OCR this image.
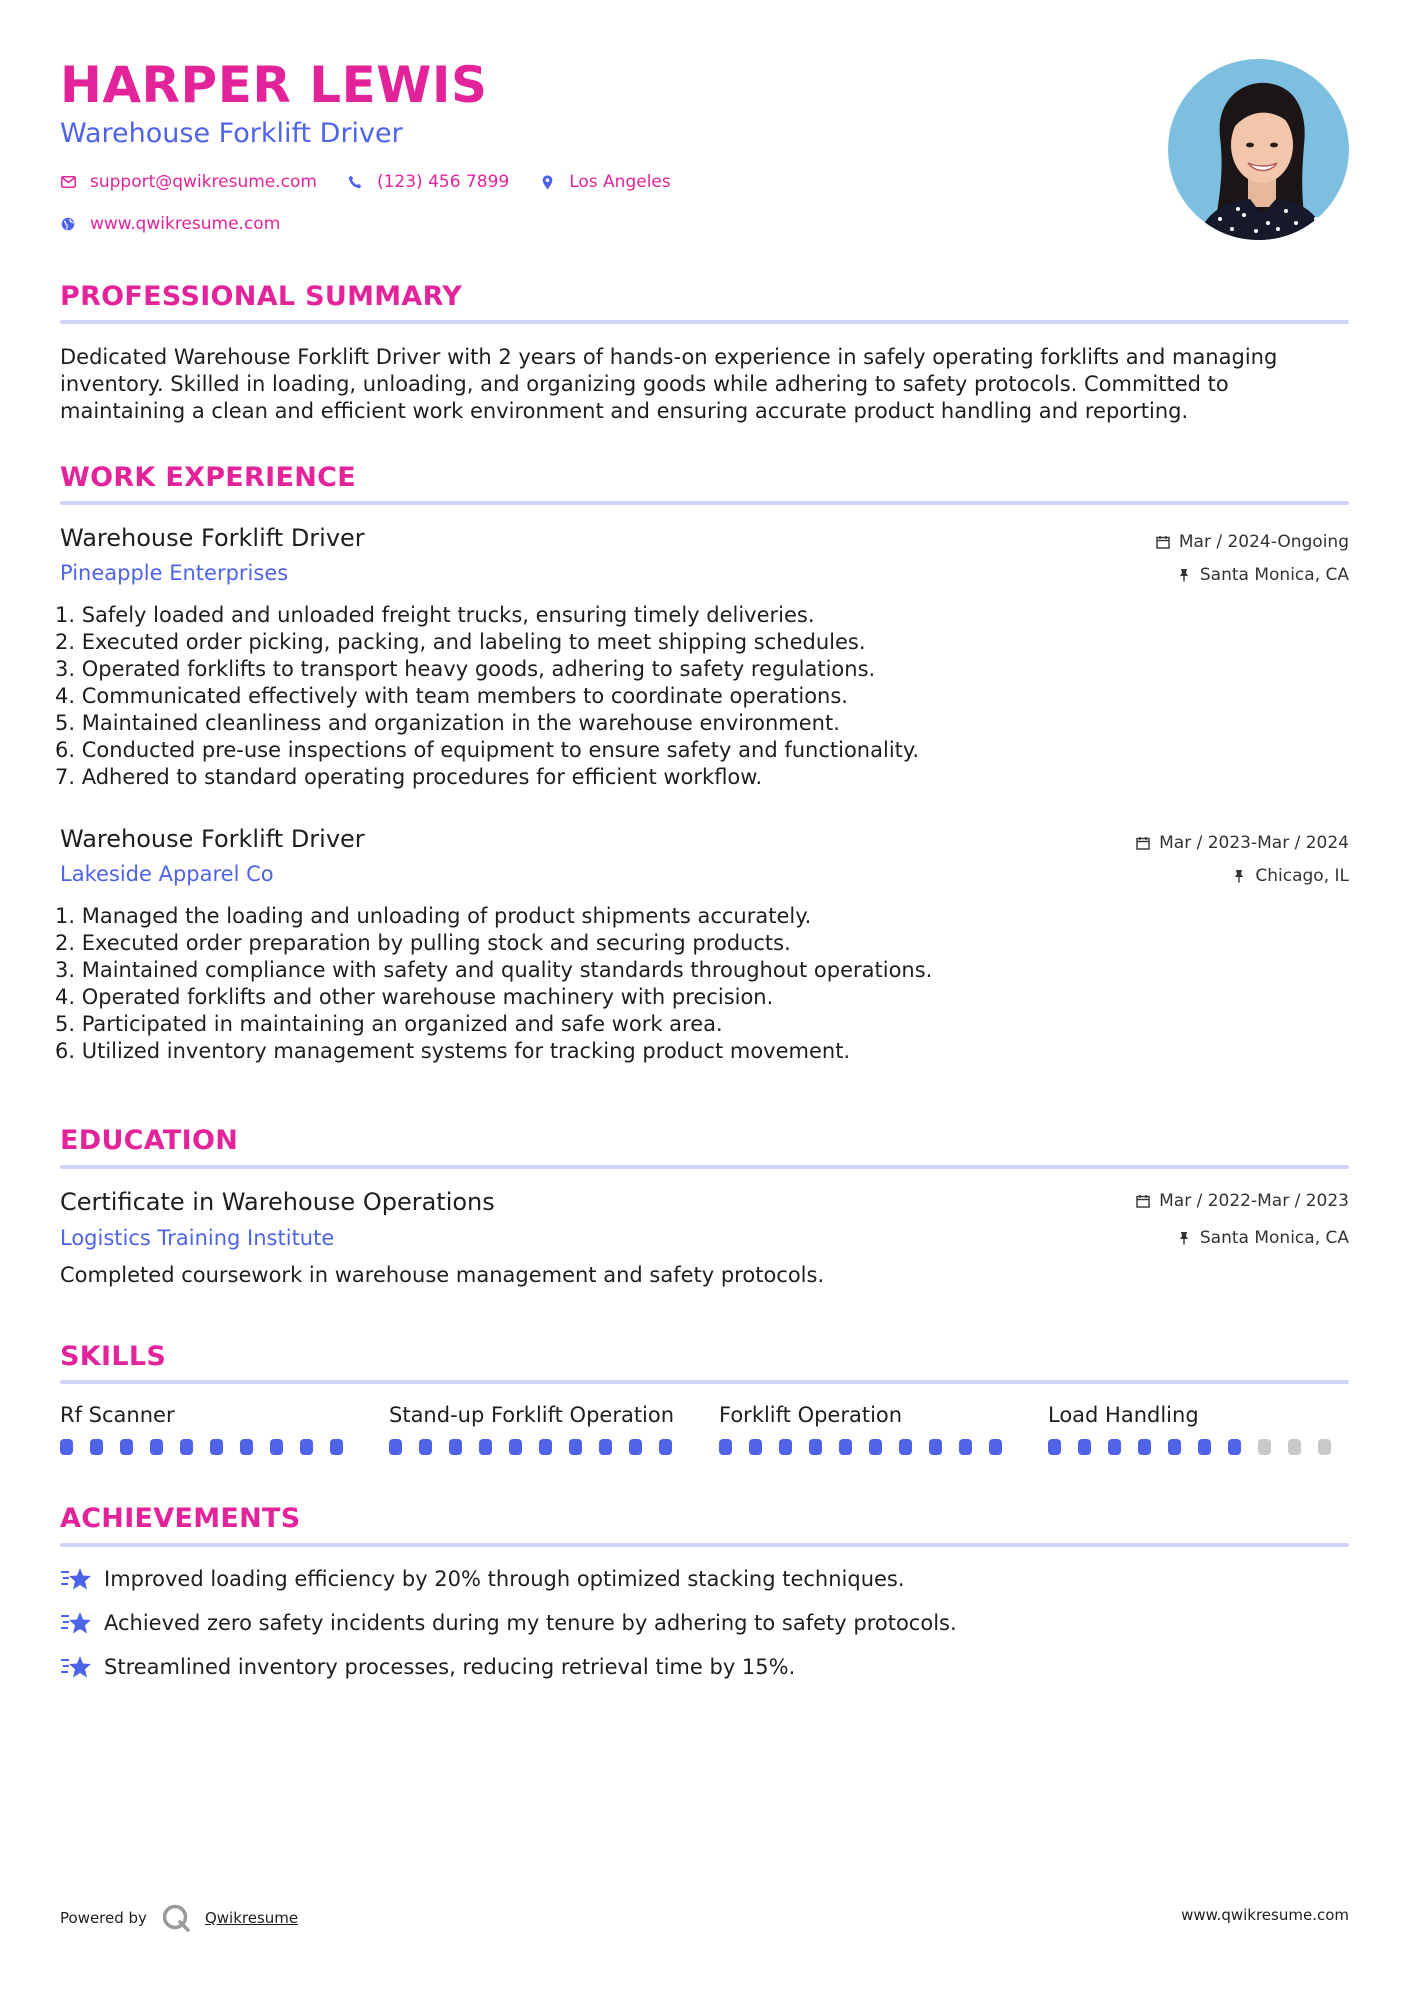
HARPER LEWIS
Warehouse Forklift Driver
support@qwikresume.com	(123) 456 7899	Los Angeles
www.qwikresume.com
PROFESSIONAL SUMMARY
Dedicated Warehouse Forklift Driver with 2 years of hands-on experience in safely operating forklifts and managing inventory. Skilled in loading, unloading, and organizing goods while adhering to safety protocols. Committed to maintaining a clean and efficient work environment and ensuring accurate product handling and reporting.
WORK EXPERIENCE
Warehouse Forklift Driver
Pineapple Enterprises
Mar / 2024-Ongoing
Santa Monica, CA
1. Safely loaded and unloaded freight trucks, ensuring timely deliveries.
2. Executed order picking, packing, and labeling to meet shipping schedules.
3. Operated forklifts to transport heavy goods, adhering to safety regulations.
4. Communicated effectively with team members to coordinate operations.
5. Maintained cleanliness and organization in the warehouse environment.
6. Conducted pre-use inspections of equipment to ensure safety and functionality.
7. Adhered to standard operating procedures for efficient workflow.
Warehouse Forklift Driver
Lakeside Apparel Co
Mar / 2023-Mar / 2024
Chicago, IL
1. Managed the loading and unloading of product shipments accurately.
2. Executed order preparation by pulling stock and securing products.
3. Maintained compliance with safety and quality standards throughout operations.
4. Operated forklifts and other warehouse machinery with precision.
5. Participated in maintaining an organized and safe work area.
6. Utilized inventory management systems for tracking product movement.
EDUCATION
Certificate in Warehouse Operations
Logistics Training Institute
Mar / 2022-Mar / 2023
Santa Monica, CA
Completed coursework in warehouse management and safety protocols.
SKILLS
Rf Scanner	Stand-up Forklift Operation	Forklift Operation	Load Handling
ACHIEVEMENTS
Improved loading efficiency by 20% through optimized stacking techniques.
Achieved zero safety incidents during my tenure by adhering to safety protocols.
Streamlined inventory processes, reducing retrieval time by 15%.
Powered by	Qwikresume	www.qwikresume.com
